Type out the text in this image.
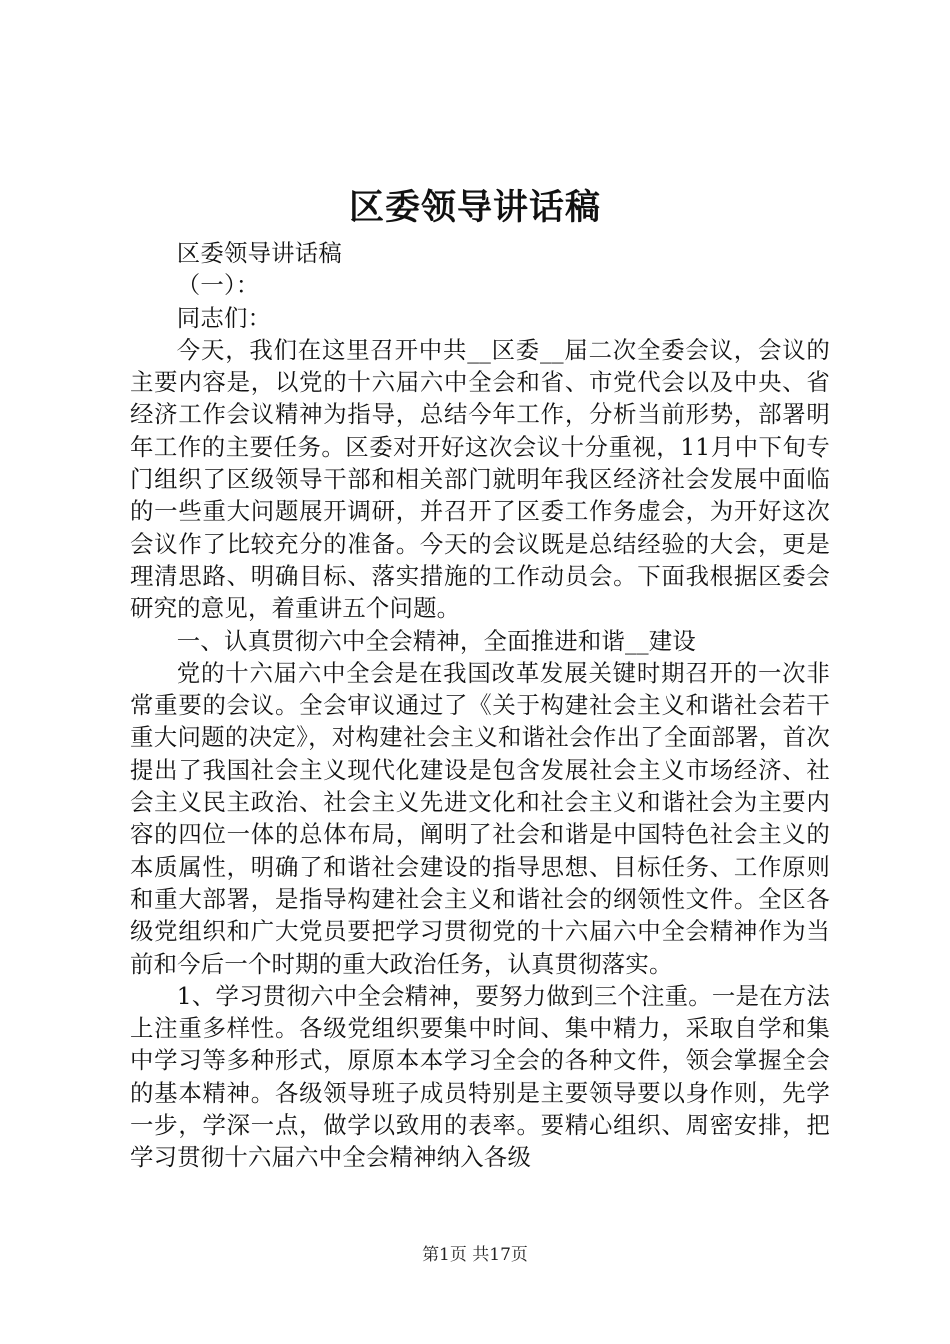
区委领导讲话稿

区委领导讲话稿

（一）：

同志们：

今天，我们在这里召开中共__区委__届二次全委会议，会议的主要内容是，以党的十六届六中全会和省、市党代会以及中央、省经济工作会议精神为指导，总结今年工作，分析当前形势，部署明年工作的主要任务。区委对开好这次会议十分重视，11月中下旬专门组织了区级领导干部和相关部门就明年我区经济社会发展中面临的一些重大问题展开调研，并召开了区委工作务虚会，为开好这次会议作了比较充分的准备。今天的会议既是总结经验的大会，更是理清思路、明确目标、落实措施的工作动员会。下面我根据区委会研究的意见，着重讲五个问题。

一、认真贯彻六中全会精神，全面推进和谐__建设

党的十六届六中全会是在我国改革发展关键时期召开的一次非常重要的会议。全会审议通过了《关于构建社会主义和谐社会若干重大问题的决定》，对构建社会主义和谐社会作出了全面部署，首次提出了我国社会主义现代化建设是包含发展社会主义市场经济、社会主义民主政治、社会主义先进文化和社会主义和谐社会为主要内容的四位一体的总体布局，阐明了社会和谐是中国特色社会主义的本质属性，明确了和谐社会建设的指导思想、目标任务、工作原则和重大部署，是指导构建社会主义和谐社会的纲领性文件。全区各级党组织和广大党员要把学习贯彻党的十六届六中全会精神作为当前和今后一个时期的重大政治任务，认真贯彻落实。

1、学习贯彻六中全会精神，要努力做到三个注重。一是在方法上注重多样性。各级党组织要集中时间、集中精力，采取自学和集中学习等多种形式，原原本本学习全会的各种文件，领会掌握全会的基本精神。各级领导班子成员特别是主要领导要以身作则，先学一步，学深一点，做学以致用的表率。要精心组织、周密安排，把学习贯彻十六届六中全会精神纳入各级

第1页 共17页
